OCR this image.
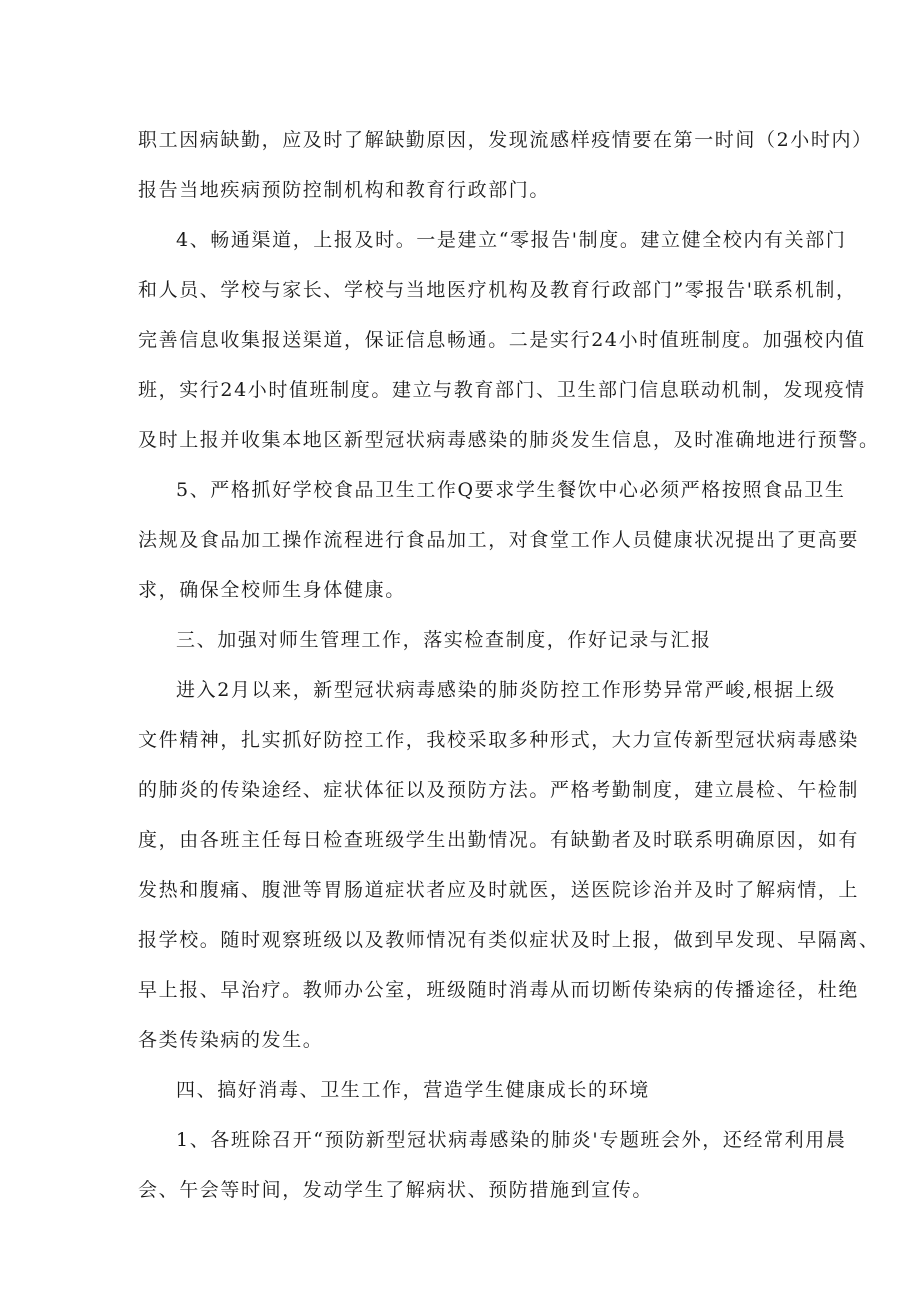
职工因病缺勤，应及时了解缺勤原因，发现流感样疫情要在第一时间（2小时内）
报告当地疾病预防控制机构和教育行政部门。
4、畅通渠道，上报及时。一是建立“零报告'制度。建立健全校内有关部门
和人员、学校与家长、学校与当地医疗机构及教育行政部门”零报告'联系机制，
完善信息收集报送渠道，保证信息畅通。二是实行24小时值班制度。加强校内值
班，实行24小时值班制度。建立与教育部门、卫生部门信息联动机制，发现疫情
及时上报并收集本地区新型冠状病毒感染的肺炎发生信息，及时准确地进行预警。
5、严格抓好学校食品卫生工作Q要求学生餐饮中心必须严格按照食品卫生
法规及食品加工操作流程进行食品加工，对食堂工作人员健康状况提出了更高要
求，确保全校师生身体健康。
三、加强对师生管理工作，落实检查制度，作好记录与汇报
进入2月以来，新型冠状病毒感染的肺炎防控工作形势异常严峻,根据上级
文件精神，扎实抓好防控工作，我校采取多种形式，大力宣传新型冠状病毒感染
的肺炎的传染途经、症状体征以及预防方法。严格考勤制度，建立晨检、午检制
度，由各班主任每日检查班级学生出勤情况。有缺勤者及时联系明确原因，如有
发热和腹痛、腹泄等胃肠道症状者应及时就医，送医院诊治并及时了解病情，上
报学校。随时观察班级以及教师情况有类似症状及时上报，做到早发现、早隔离、
早上报、早治疗。教师办公室，班级随时消毒从而切断传染病的传播途径，杜绝
各类传染病的发生。
四、搞好消毒、卫生工作，营造学生健康成长的环境
1、各班除召开“预防新型冠状病毒感染的肺炎'专题班会外，还经常利用晨
会、午会等时间，发动学生了解病状、预防措施到宣传。
